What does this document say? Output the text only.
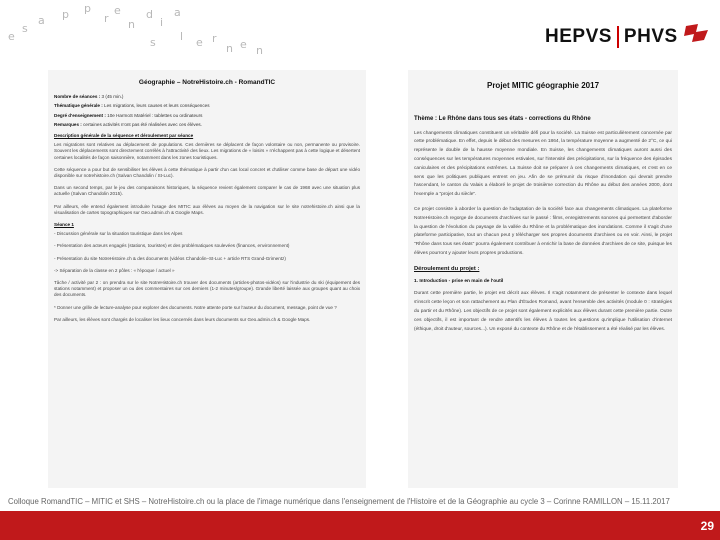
e
s
a p p
r
e
n
d
i
a
s l e r
n e n
HEPVS PHVS
Géographie – NotreHistoire.ch - RomandTIC
Nombre de séances : 3 (45 min.)
Thématique générale : Les migrations, leurs causes et leurs conséquences
Degré d'enseignement : 10e HarmoS Matériel : tablettes ou ordinateurs
Remarques : certaines activités n'ont pas été réalisées avec ces élèves.
Description générale de la séquence et déroulement par séance
Les migrations sont relatives au déplacement de populations. Ces dernières se déplacent de façon volontaire ou non, permanente ou provisoire. Souvent les déplacements sont directement corrélés à l'attractivité des lieux. Les migrations de « loisirs » n'échappent pas à cette logique et désertent certaines localités de façon saisonnière, notamment dans les zones touristiques.
Cette séquence a pour but de sensibiliser les élèves à cette thématique à partir d'un cas local concret et d'utiliser comme base de départ une vidéo disponible sur notrehistoire.ch (Salvan Chandolin / St-Luc).
Dans un second temps, par le jeu des comparaisons historiques, la séquence revient également comparer le cas de 1968 avec une situation plus actuelle (Salvan Chandolin 2015).
Par ailleurs, elle entend également introduire l'usage des MITIC aux élèves au moyen de la navigation sur le site notrehistoire.ch ainsi que la visualisation de cartes topographiques sur Geo.admin.ch & Google Maps.
Séance 1
- Discussion générale sur la situation touristique dans les Alpes
- Présentation des acteurs engagés (stations, touristes) et des problématiques soulevées (finances, environnement)
- Présentation du site NotreHistoire.ch & des documents (vidéos Chandolin–St-Luc + article RTS Grand-Grimentz)
-> Séparation de la classe en 2 pôles : « l'époque / actuel »
Tâche / activité par 2 : on prendra sur le site NotreHistoire.ch trouver des documents (articles-photos-vidéos) sur l'industrie du ski (équipement des stations notamment) et proposer un ou des commentaires sur ces derniers (1-2 minutes/groupe). Grande liberté laissée aux groupes quant au choix des documents.
* Donner une grille de lecture-analyse pour explorer des documents. Notre attente porte sur l'auteur du document, message, point de vue ?
Par ailleurs, les élèves sont chargés de localiser les lieux concernés dans leurs documents sur Geo.admin.ch & Google Maps.
Projet MITIC géographie 2017
Thème : Le Rhône dans tous ses états - corrections du Rhône
Les changements climatiques constituent un véritable défi pour la société. La Suisse est particulièrement concernée par cette problématique. En effet, depuis le début des mesures en 1864, la température moyenne a augmenté de 2°C, ce qui représente le double de la hausse moyenne mondiale. En Suisse, les changements climatiques auront aussi des conséquences sur les températures moyennes estivales, sur l'intensité des précipitations, sur la fréquence des épisodes caniculaires et des précipitations extrêmes. La Suisse doit se préparer à ces changements climatiques, et c'est en ce sens que les politiques publiques entrent en jeu. Afin de se prémunir du risque d'inondation qui devrait prendre l'ascendant, le canton du Valais a élaboré le projet de troisième correction du Rhône au début des années 2000, dont l'exemple a "projet du siècle".
Ce projet consiste à aborder la question de l'adaptation de la société face aux changements climatiques. La plateforme NotreHistoire.ch regorge de documents d'archives sur le passé : films, enregistrements sonores qui permettent d'aborder la question de l'évolution du paysage de la vallée du Rhône et la problématique des inondations. Comme il s'agit d'une plateforme participative, tout un chacun peut y télécharger ses propres documents d'archives ou en voir. Ainsi, le projet "Rhône dans tous ses états" pourra également contribuer à enrichir la base de données d'archives de ce site, puisque les élèves pourront y ajouter leurs propres productions.
Déroulement du projet :
1. Introduction - prise en main de l'outil
Durant cette première partie, le projet est décrit aux élèves. Il s'agit notamment de présenter le contexte dans lequel s'inscrit cette leçon et son rattachement au Plan d'Études Romand, avant l'ensemble des activités (module 0 : stratégies du partir et du Rhône). Les objectifs de ce projet sont également explicités aux élèves durant cette première partie. Outre ces objectifs, il est important de rendre attentifs les élèves à toutes les questions qu'implique l'utilisation d'internet (éthique, droit d'auteur, sources...). Un exposé du contexte du Rhône et de l'établissement a été réalisé par les élèves.
Colloque RomandTIC – MITIC et SHS – NotreHistoire.ch ou la place de l'image numérique dans l'enseignement de l'Histoire et de la Géographie au cycle 3 – Corinne RAMILLON – 15.11.2017
29
